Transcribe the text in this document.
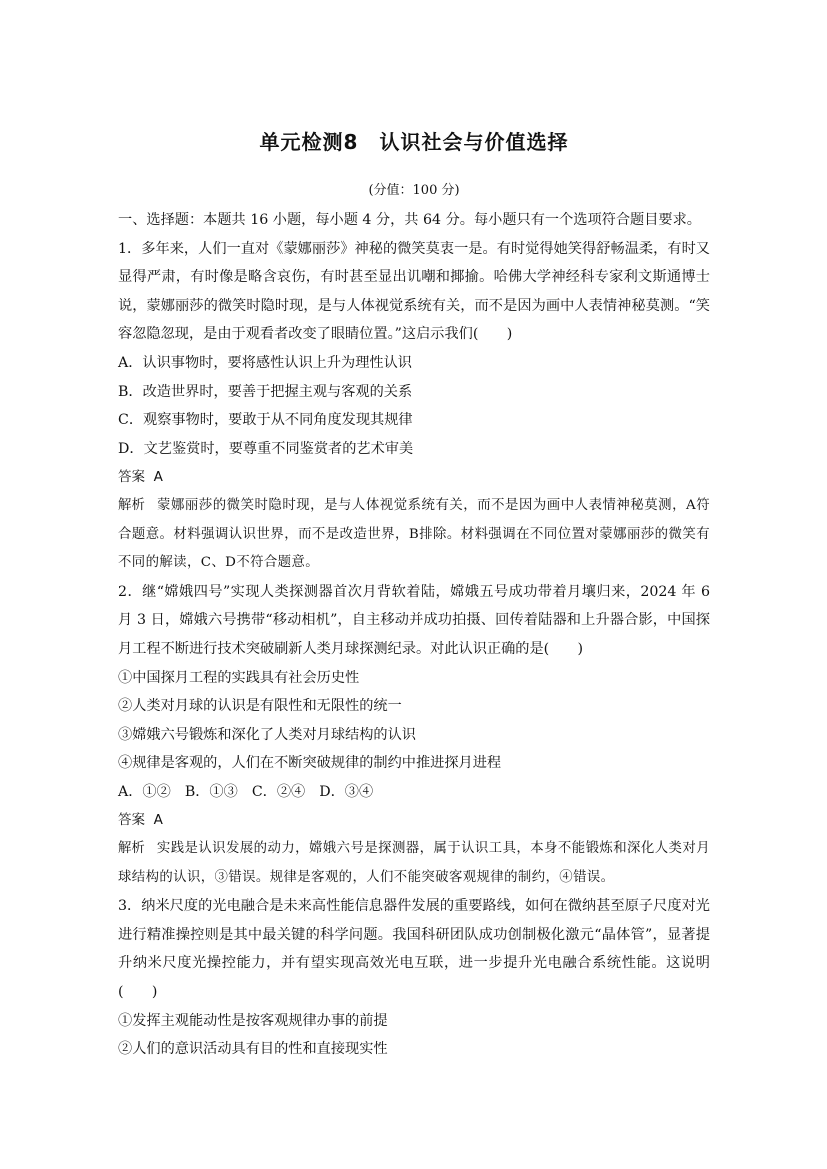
单元检测8　认识社会与价值选择
(分值：100 分)

一、选择题：本题共 16 小题，每小题 4 分，共 64 分。每小题只有一个选项符合题目要求。

1．多年来，人们一直对《蒙娜丽莎》神秘的微笑莫衷一是。有时觉得她笑得舒畅温柔，有时又显得严肃，有时像是略含哀伤，有时甚至显出讥嘲和揶揄。哈佛大学神经科专家利文斯通博士说，蒙娜丽莎的微笑时隐时现，是与人体视觉系统有关，而不是因为画中人表情神秘莫测。“笑容忽隐忽现，是由于观看者改变了眼睛位置。”这启示我们(　　)

A．认识事物时，要将感性认识上升为理性认识

B．改造世界时，要善于把握主观与客观的关系

C．观察事物时，要敢于从不同角度发现其规律

D．文艺鉴赏时，要尊重不同鉴赏者的艺术审美

答案 A

解析 蒙娜丽莎的微笑时隐时现，是与人体视觉系统有关，而不是因为画中人表情神秘莫测，A符合题意。材料强调认识世界，而不是改造世界，B排除。材料强调在不同位置对蒙娜丽莎的微笑有不同的解读，C、D不符合题意。

2．继“嫦娥四号”实现人类探测器首次月背软着陆，嫦娥五号成功带着月壤归来，2024 年 6 月 3 日，嫦娥六号携带“移动相机”，自主移动并成功拍摄、回传着陆器和上升器合影，中国探月工程不断进行技术突破刷新人类月球探测纪录。对此认识正确的是(　　)

①中国探月工程的实践具有社会历史性

②人类对月球的认识是有限性和无限性的统一

③嫦娥六号锻炼和深化了人类对月球结构的认识

④规律是客观的，人们在不断突破规律的制约中推进探月进程

A．①② B．①③ C．②④ D．③④

答案 A

解析 实践是认识发展的动力，嫦娥六号是探测器，属于认识工具，本身不能锻炼和深化人类对月球结构的认识，③错误。规律是客观的，人们不能突破客观规律的制约，④错误。

3．纳米尺度的光电融合是未来高性能信息器件发展的重要路线，如何在微纳甚至原子尺度对光进行精准操控则是其中最关键的科学问题。我国科研团队成功创制极化激元“晶体管”，显著提升纳米尺度光操控能力，并有望实现高效光电互联，进一步提升光电融合系统性能。这说明(　　)

①发挥主观能动性是按客观规律办事的前提

②人们的意识活动具有目的性和直接现实性
